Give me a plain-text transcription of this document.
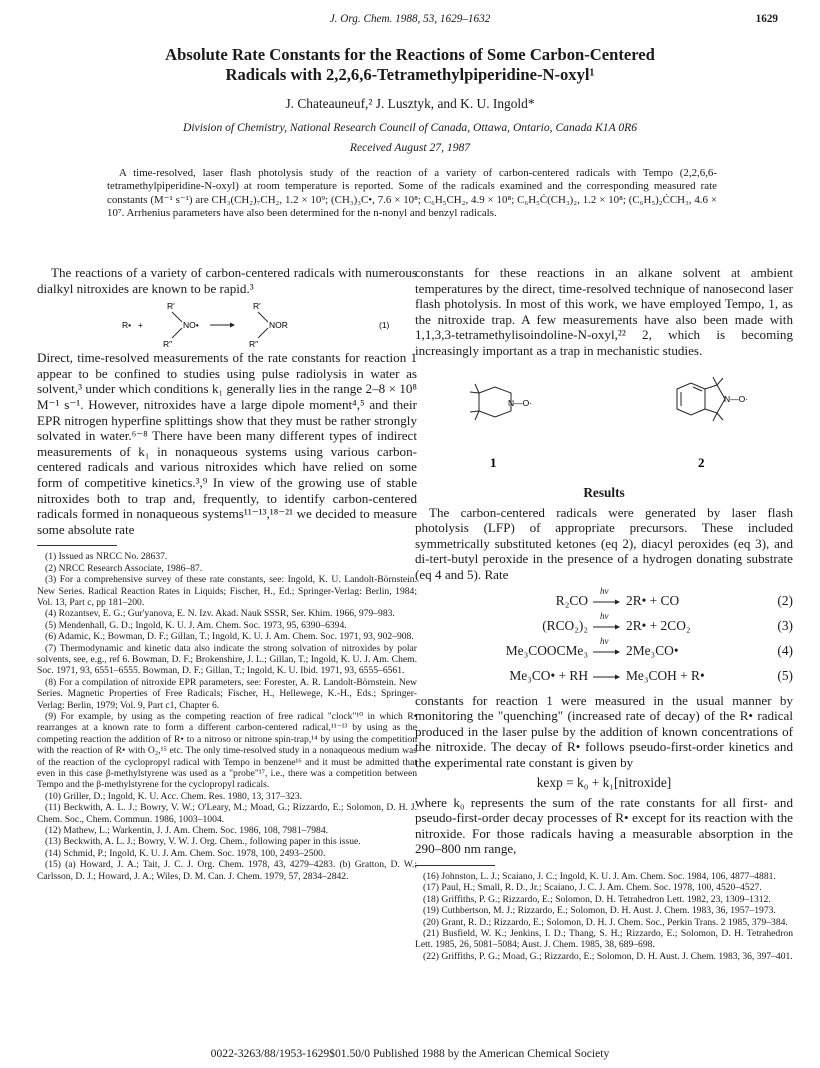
J. Org. Chem. 1988, 53, 1629–1632	1629
Absolute Rate Constants for the Reactions of Some Carbon-Centered
Radicals with 2,2,6,6-Tetramethylpiperidine-N-oxyl¹
J. Chateauneuf,² J. Lusztyk, and K. U. Ingold*
Division of Chemistry, National Research Council of Canada, Ottawa, Ontario, Canada K1A 0R6
Received August 27, 1987
A time-resolved, laser flash photolysis study of the reaction of a variety of carbon-centered radicals with Tempo (2,2,6,6-tetramethylpiperidine-N-oxyl) at room temperature is reported. Some of the radicals examined and the corresponding measured rate constants (M⁻¹ s⁻¹) are CH₃(CH₂)₇CH₂, 1.2 × 10⁹; (CH₃)₃C•, 7.6 × 10⁸; C₆H₅CH₂, 4.9 × 10⁸; C₆H₅Ċ(CH₃)₂, 1.2 × 10⁸; (C₆H₅)₂ĊCH₃, 4.6 × 10⁷. Arrhenius parameters have also been determined for the n-nonyl and benzyl radicals.

The reactions of a variety of carbon-centered radicals with numerous dialkyl nitroxides are known to be rapid.³

R• +
R′
R″
NO•
R′
R″
NOR	(1)

Direct, time-resolved measurements of the rate constants for reaction 1 appear to be confined to studies using pulse radiolysis in water as solvent,³ under which conditions k₁ generally lies in the range 2–8 × 10⁸ M⁻¹ s⁻¹. However, nitroxides have a large dipole moment⁴,⁵ and their EPR nitrogen hyperfine splittings show that they must be rather strongly solvated in water.⁶⁻⁸ There have been many different types of indirect measurements of k₁ in nonaqueous systems using various carbon-centered radicals and various nitroxides which have relied on some form of competitive kinetics.³,⁹ In view of the growing use of stable nitroxides both to trap and, frequently, to identify carbon-centered radicals formed in nonaqueous systems¹¹⁻¹³,¹⁸⁻²¹ we decided to measure some absolute rate

(1) Issued as NRCC No. 28637.
(2) NRCC Research Associate, 1986–87.
(3) For a comprehensive survey of these rate constants, see: Ingold, K. U. Landolt-Börnstein. New Series. Radical Reaction Rates in Liquids; Fischer, H., Ed.; Springer-Verlag: Berlin, 1984; Vol. 13, Part c, pp 181–200.
(4) Rozantsev, E. G.; Gur'yanova, E. N. Izv. Akad. Nauk SSSR, Ser. Khim. 1966, 979–983.
(5) Mendenhall, G. D.; Ingold, K. U. J. Am. Chem. Soc. 1973, 95, 6390–6394.
(6) Adamic, K.; Bowman, D. F.; Gillan, T.; Ingold, K. U. J. Am. Chem. Soc. 1971, 93, 902–908.
(7) Thermodynamic and kinetic data also indicate the strong solvation of nitroxides by polar solvents, see, e.g., ref 6. Bowman, D. F.; Brokenshire, J. L.; Gillan, T.; Ingold, K. U. J. Am. Chem. Soc. 1971, 93, 6551–6555. Bowman, D. F.; Gillan, T.; Ingold, K. U. Ibid. 1971, 93, 6555–6561.
(8) For a compilation of nitroxide EPR parameters, see: Forester, A. R. Landolt-Börnstein. New Series. Magnetic Properties of Free Radicals; Fischer, H., Hellewege, K.-H., Eds.; Springer-Verlag: Berlin, 1979; Vol. 9, Part c1, Chapter 6.
(9) For example, by using as the competing reaction of free radical "clock"¹⁰ in which R• rearranges at a known rate to form a different carbon-centered radical,¹¹⁻¹³ by using as the competing reaction the addition of R• to a nitroso or nitrone spin-trap,¹⁴ by using the competition with the reaction of R• with O₂,¹⁵ etc. The only time-resolved study in a nonaqueous medium was of the reaction of the cyclopropyl radical with Tempo in benzene¹⁶ and it must be admitted that even in this case β-methylstyrene was used as a "probe"¹⁷, i.e., there was a competition between Tempo and the β-methylstyrene for the cyclopropyl radicals.
(10) Griller, D.; Ingold, K. U. Acc. Chem. Res. 1980, 13, 317–323.
(11) Beckwith, A. L. J.; Bowry, V. W.; O'Leary, M.; Moad, G.; Rizzardo, E.; Solomon, D. H. J. Chem. Soc., Chem. Commun. 1986, 1003–1004.
(12) Mathew, L.; Warkentin, J. J. Am. Chem. Soc. 1986, 108, 7981–7984.
(13) Beckwith, A. L. J.; Bowry, V. W. J. Org. Chem., following paper in this issue.
(14) Schmid, P.; Ingold, K. U. J. Am. Chem. Soc. 1978, 100, 2493–2500.
(15) (a) Howard, J. A.; Tait, J. C. J. Org. Chem. 1978, 43, 4279–4283. (b) Gratton, D. W.; Carlsson, D. J.; Howard, J. A.; Wiles, D. M. Can. J. Chem. 1979, 57, 2834–2842.

constants for these reactions in an alkane solvent at ambient temperatures by the direct, time-resolved technique of nanosecond laser flash photolysis. In most of this work, we have employed Tempo, 1, as the nitroxide trap. A few measurements have also been made with 1,1,3,3-tetramethylisoindoline-N-oxyl,²² 2, which is becoming increasingly important as a trap in mechanistic studies.

N—O·
1
N—O·
2
Results

The carbon-centered radicals were generated by laser flash photolysis (LFP) of appropriate precursors. These included symmetrically substituted ketones (eq 2), diacyl peroxides (eq 3), and di-tert-butyl peroxide in the presence of a hydrogen donating substrate (eq 4 and 5). Rate

R₂CO
hν
2R• + CO	(2)
(RCO₂)₂
hν
2R• + 2CO₂	(3)
Me₃COOCMe₃
hν
2Me₃CO•	(4)
Me₃CO• + RH	Me₃COH + R•	(5)

constants for reaction 1 were measured in the usual manner by monitoring the "quenching" (increased rate of decay) of the R• radical produced in the laser pulse by the addition of known concentrations of the nitroxide. The decay of R• follows pseudo-first-order kinetics and the experimental rate constant is given by

kexp = k₀ + k₁[nitroxide]

where k₀ represents the sum of the rate constants for all first- and pseudo-first-order decay processes of R• except for its reaction with the nitroxide. For those radicals having a measurable absorption in the 290–800 nm range,

(16) Johnston, L. J.; Scaiano, J. C.; Ingold, K. U. J. Am. Chem. Soc. 1984, 106, 4877–4881.
(17) Paul, H.; Small, R. D., Jr.; Scaiano, J. C. J. Am. Chem. Soc. 1978, 100, 4520–4527.
(18) Griffiths, P. G.; Rizzardo, E.; Solomon, D. H. Tetrahedron Lett. 1982, 23, 1309–1312.
(19) Cuthbertson, M. J.; Rizzardo, E.; Solomon, D. H. Aust. J. Chem. 1983, 36, 1957–1973.
(20) Grant, R. D.; Rizzardo, E.; Solomon, D. H. J. Chem. Soc., Perkin Trans. 2 1985, 379–384.
(21) Busfield, W. K.; Jenkins, I. D.; Thang, S. H.; Rizzardo, E.; Solomon, D. H. Tetrahedron Lett. 1985, 26, 5081–5084; Aust. J. Chem. 1985, 38, 689–698.
(22) Griffiths, P. G.; Moad, G.; Rizzardo, E.; Solomon, D. H. Aust. J. Chem. 1983, 36, 397–401.
0022-3263/88/1953-1629$01.50/0 Published 1988 by the American Chemical Society
